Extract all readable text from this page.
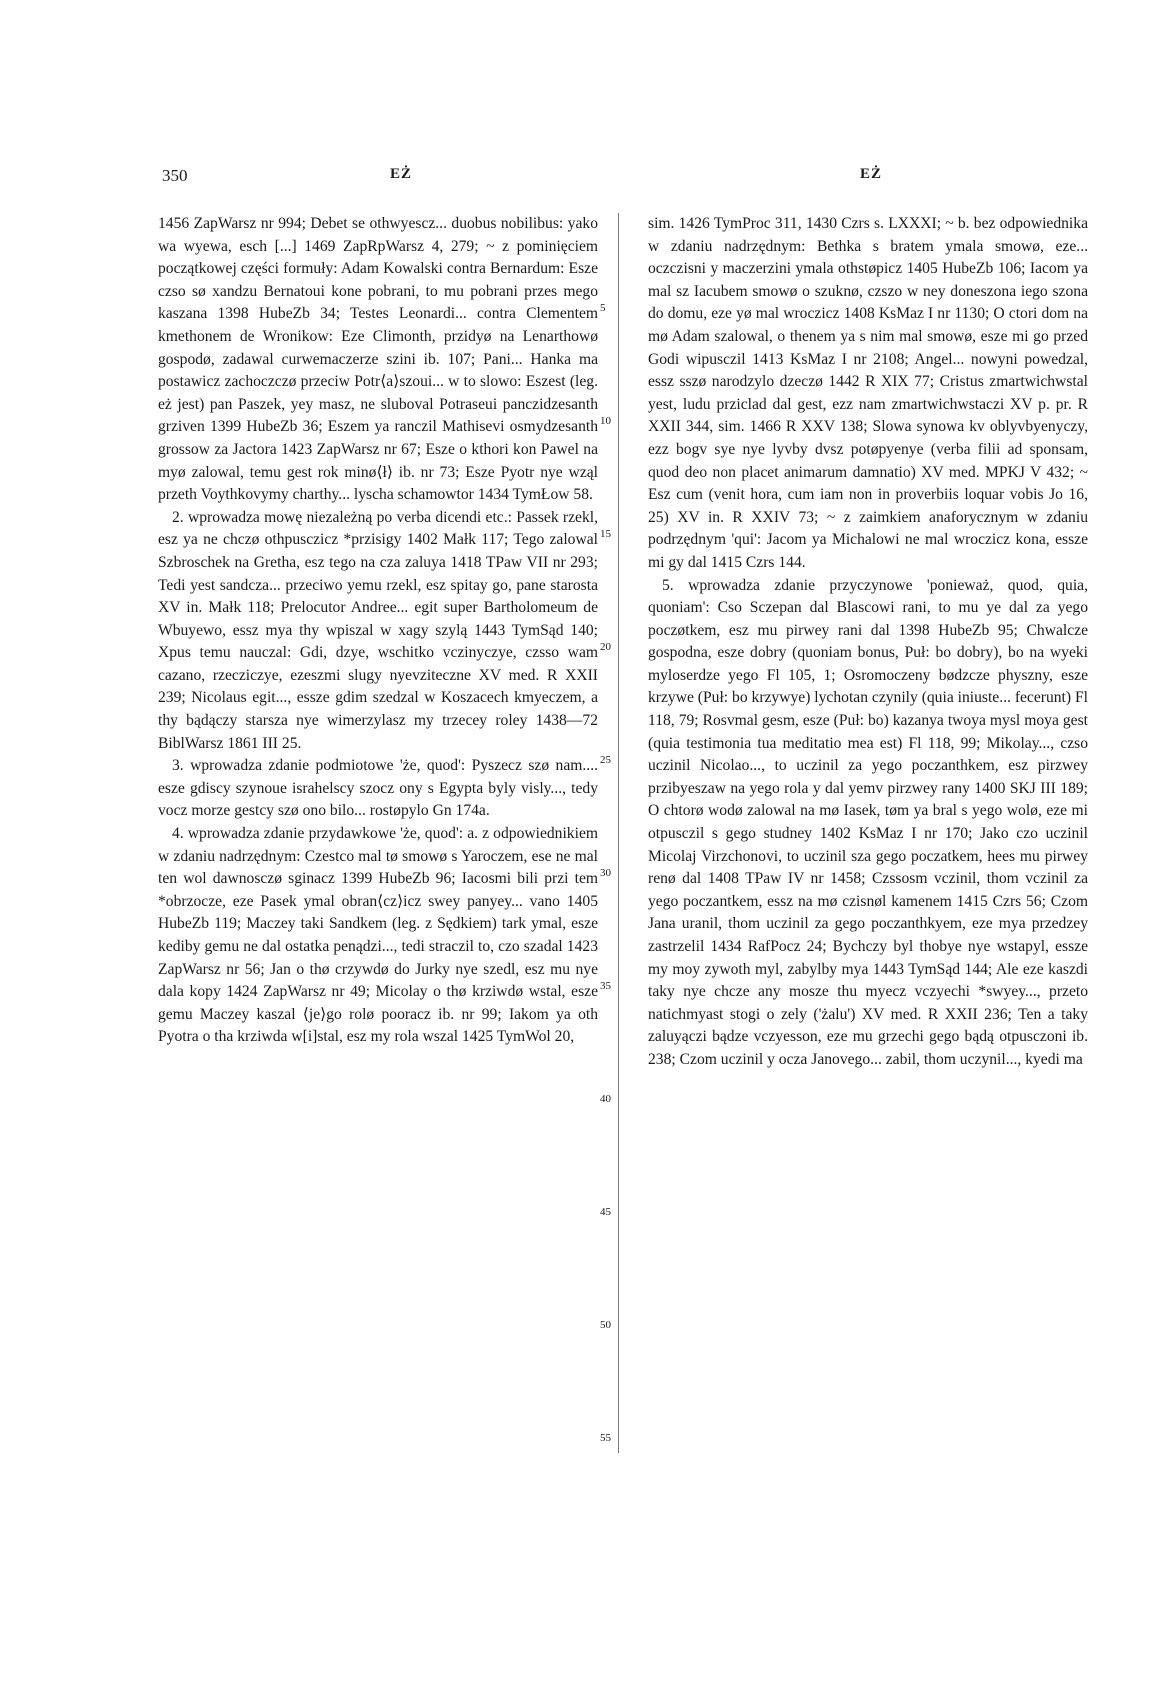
350	EŻ	EŻ

1456 ZapWarsz nr 994; Debet se othwyescz... duobus nobilibus: yako wa wyewa, esch [...] 1469 ZapRpWarsz 4, 279; ~ z pominięciem początkowej części formuły: Adam Kowalski contra Bernardum: Esze czso sø xandzu Bernatoui kone pobrani, to mu pobrani przes mego kaszana 1398 HubeZb 34; Testes Leonardi... contra Clementem kmethonem de Wronikow: Eze Climonth, przidyø na Lenarthowø gospodø, zadawal curwemaczerze szini ib. 107; Pani... Hanka ma postawicz zachoczczø przeciw Potr⟨a⟩szoui... w to slowo: Eszest (leg. eż jest) pan Paszek, yey masz, ne sluboval Potraseui panczidzesanth grziven 1399 HubeZb 36; Eszem ya ranczil Mathisevi osmydzesanth grossow za Jactora 1423 ZapWarsz nr 67; Esze o kthori kon Pawel na myø zalowal, temu gest rok minø⟨ł⟩ ib. nr 73; Esze Pyotr nye wząl przeth Voythkovymy charthy... lyscha schamowtor 1434 TymŁow 58.

2. wprowadza mowę niezależną po verba dicendi etc.: Passek rzekl, esz ya ne chczø othpusczicz *przisigy 1402 Małk 117; Tego zalowal Szbroschek na Gretha, esz tego na cza zaluya 1418 TPaw VII nr 293; Tedi yest sandcza... przeciwo yemu rzekl, esz spitay go, pane starosta XV in. Małk 118; Prelocutor Andree... egit super Bartholomeum de Wbuyewo, essz mya thy wpiszal w xagy szylą 1443 TymSąd 140; Xpus temu nauczal: Gdi, dzye, wschitko vczinyczye, czsso wam cazano, rzecziczye, ezeszmi slugy nyevziteczne XV med. R XXII 239; Nicolaus egit..., essze gdim szedzal w Koszacech kmyeczem, a thy bądączy starsza nye wimerzylasz my trzecey roley 1438—72 BiblWarsz 1861 III 25.

3. wprowadza zdanie podmiotowe 'że, quod': Pyszecz szø nam.... esze gdiscy szynoue israhelscy szocz ony s Egypta byly visly..., tedy vocz morze gestcy szø ono bilo... rostøpylo Gn 174a.

4. wprowadza zdanie przydawkowe 'że, quod': a. z odpowiednikiem w zdaniu nadrzędnym: Czestco mal tø smowø s Yaroczem, ese ne mal ten wol dawnosczø sginacz 1399 HubeZb 96; Iacosmi bili przi tem *obrzocze, eze Pasek ymal obran⟨cz⟩icz swey panyey... vano 1405 HubeZb 119; Maczey taki Sandkem (leg. z Sędkiem) tark ymal, esze kediby gemu ne dal ostatka penądzi..., tedi straczil to, czo szadal 1423 ZapWarsz nr 56; Jan o thø crzywdø do Jurky nye szedl, esz mu nye dala kopy 1424 ZapWarsz nr 49; Micolay o thø krziwdø wstal, esze gemu Maczey kaszal ⟨je⟩go rolø pooracz ib. nr 99; Iakom ya oth Pyotra o tha krziwda w[i]stal, esz my rola wszal 1425 TymWol 20,

5
10
15
20
25
30
35
40
45
50
55

sim. 1426 TymProc 311, 1430 Czrs s. LXXXI; ~ b. bez odpowiednika w zdaniu nadrzędnym: Bethka s bratem ymala smowø, eze... oczczisni y maczerzini ymala othstøpicz 1405 HubeZb 106; Iacom ya mal sz Iacubem smowø o szuknø, czszo w ney doneszona iego szona do domu, eze yø mal wroczicz 1408 KsMaz I nr 1130; O ctori dom na mø Adam szalowal, o thenem ya s nim mal smowø, esze mi go przed Godi wipusczil 1413 KsMaz I nr 2108; Angel... nowyni powedzal, essz sszø narodzylo dzeczø 1442 R XIX 77; Cristus zmartwichwstal yest, ludu prziclad dal gest, ezz nam zmartwichwstaczi XV p. pr. R XXII 344, sim. 1466 R XXV 138; Slowa synowa kv oblyvbyenyczy, ezz bogv sye nye lyvby dvsz potøpyenye (verba filii ad sponsam, quod deo non placet animarum damnatio) XV med. MPKJ V 432; ~ Esz cum (venit hora, cum iam non in proverbiis loquar vobis Jo 16, 25) XV in. R XXIV 73; ~ z zaimkiem anaforycznym w zdaniu podrzędnym 'qui': Jacom ya Michalowi ne mal wroczicz kona, essze mi gy dal 1415 Czrs 144.

5. wprowadza zdanie przyczynowe 'ponieważ, quod, quia, quoniam': Cso Sczepan dal Blascowi rani, to mu ye dal za yego poczøtkem, esz mu pirwey rani dal 1398 HubeZb 95; Chwalcze gospodna, esze dobry (quoniam bonus, Puł: bo dobry), bo na wyeki myloserdze yego Fl 105, 1; Osromoczeny bødzcze physzny, esze krzywe (Puł: bo krzywye) lychotan czynily (quia iniuste... fecerunt) Fl 118, 79; Rosvmal gesm, esze (Puł: bo) kazanya twoya mysl moya gest (quia testimonia tua meditatio mea est) Fl 118, 99; Mikolay..., czso uczinil Nicolao..., to uczinil za yego poczanthkem, esz pirzwey przibyeszaw na yego rola y dal yemv pirzwey rany 1400 SKJ III 189; O chtorø wodø zalowal na mø Iasek, tøm ya bral s yego wolø, eze mi otpusczil s gego studney 1402 KsMaz I nr 170; Jako czo uczinil Micolaj Virzchonovi, to uczinil sza gego poczatkem, hees mu pirwey renø dal 1408 TPaw IV nr 1458; Czssosm vczinil, thom vczinil za yego poczantkem, essz na mø czisnøl kamenem 1415 Czrs 56; Czom Jana uranil, thom uczinil za gego poczanthkyem, eze mya przedzey zastrzelil 1434 RafPocz 24; Bychczy byl thobye nye wstapyl, essze my moy zywoth myl, zabylby mya 1443 TymSąd 144; Ale eze kaszdi taky nye chcze any mosze thu myecz vczyechi *swyey..., przeto natichmyast stogi o zely ('żalu') XV med. R XXII 236; Ten a taky zaluyączi bądze vczyesson, eze mu grzechi gego bądą otpusczoni ib. 238; Czom uczinil y ocza Janovego... zabil, thom uczynil..., kyedi ma
